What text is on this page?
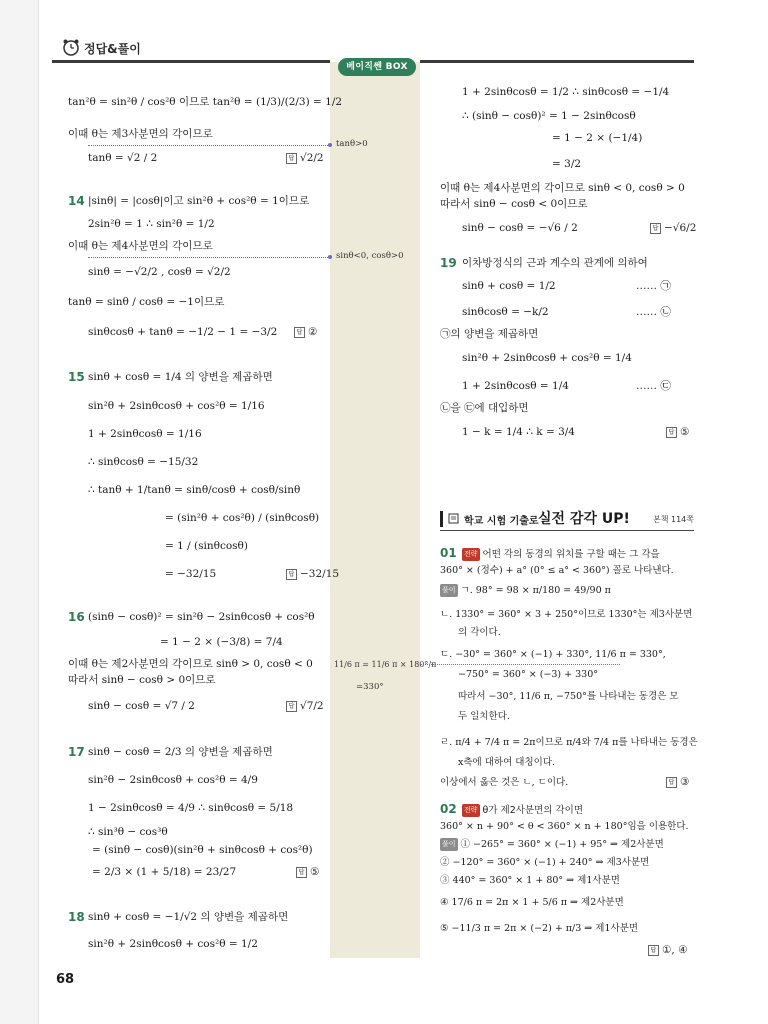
정답&풀이
베이직쎈 BOX
tanθ>0
sinθ<0, cosθ>0
11/6 π = 11/6 π × 180°/π
=330°
tan²θ = sin²θ / cos²θ 이므로 tan²θ = (1/3)/(2/3) = 1/2
이때 θ는 제3사분면의 각이므로
tanθ = √2 / 2	답 √2/2
14 |sinθ| = |cosθ|이고 sin²θ + cos²θ = 1이므로
2sin²θ = 1 ∴ sin²θ = 1/2
이때 θ는 제4사분면의 각이므로
sinθ = −√2/2 , cosθ = √2/2
tanθ = sinθ / cosθ = −1이므로
sinθcosθ + tanθ = −1/2 − 1 = −3/2	답 ②
15 sinθ + cosθ = 1/4 의 양변을 제곱하면
sin²θ + 2sinθcosθ + cos²θ = 1/16
1 + 2sinθcosθ = 1/16
∴ sinθcosθ = −15/32
∴ tanθ + 1/tanθ = sinθ/cosθ + cosθ/sinθ
= (sin²θ + cos²θ) / (sinθcosθ)
= 1 / (sinθcosθ)
= −32/15	답 −32/15
16 (sinθ − cosθ)² = sin²θ − 2sinθcosθ + cos²θ
= 1 − 2 × (−3/8) = 7/4
이때 θ는 제2사분면의 각이므로 sinθ > 0, cosθ < 0
따라서 sinθ − cosθ > 0이므로
sinθ − cosθ = √7 / 2	답 √7/2
17 sinθ − cosθ = 2/3 의 양변을 제곱하면
sin²θ − 2sinθcosθ + cos²θ = 4/9
1 − 2sinθcosθ = 4/9 ∴ sinθcosθ = 5/18
∴ sin³θ − cos³θ
= (sinθ − cosθ)(sin²θ + sinθcosθ + cos²θ)
= 2/3 × (1 + 5/18) = 23/27	답 ⑤
18 sinθ + cosθ = −1/√2 의 양변을 제곱하면
sin²θ + 2sinθcosθ + cos²θ = 1/2
1 + 2sinθcosθ = 1/2 ∴ sinθcosθ = −1/4
∴ (sinθ − cosθ)² = 1 − 2sinθcosθ
= 1 − 2 × (−1/4)
= 3/2
이때 θ는 제4사분면의 각이므로 sinθ < 0, cosθ > 0
따라서 sinθ − cosθ < 0이므로
sinθ − cosθ = −√6 / 2	답 −√6/2
19 이차방정식의 근과 계수의 관계에 의하여
sinθ + cosθ = 1/2	…… ㉠
sinθcosθ = −k/2	…… ㉡
㉠의 양변을 제곱하면
sin²θ + 2sinθcosθ + cos²θ = 1/4
1 + 2sinθcosθ = 1/4	…… ㉢
㉡을 ㉢에 대입하면
1 − k = 1/4 ∴ k = 3/4	답 ⑤
학교 시험 기출로 실전 감각 UP!	본책 114쪽
01 전략 어떤 각의 동경의 위치를 구할 때는 그 각을
360° × (정수) + a° (0° ≤ a° < 360°) 꼴로 나타낸다.
풀이 ㄱ. 98° = 98 × π/180 = 49/90 π
ㄴ. 1330° = 360° × 3 + 250°이므로 1330°는 제3사분면
의 각이다.
ㄷ. −30° = 360° × (−1) + 330°, 11/6 π = 330°,
−750° = 360° × (−3) + 330°
따라서 −30°, 11/6 π, −750°를 나타내는 동경은 모
두 일치한다.
ㄹ. π/4 + 7/4 π = 2π이므로 π/4와 7/4 π를 나타내는 동경은
x축에 대하여 대칭이다.
이상에서 옳은 것은 ㄴ, ㄷ이다.	답 ③
02 전략 θ가 제2사분면의 각이면
360° × n + 90° < θ < 360° × n + 180°임을 이용한다.
풀이 ① −265° = 360° × (−1) + 95° ⇒ 제2사분면
② −120° = 360° × (−1) + 240° ⇒ 제3사분면
③ 440° = 360° × 1 + 80° ⇒ 제1사분면
④ 17/6 π = 2π × 1 + 5/6 π ⇒ 제2사분면
⑤ −11/3 π = 2π × (−2) + π/3 ⇒ 제1사분면
답 ①, ④
68
